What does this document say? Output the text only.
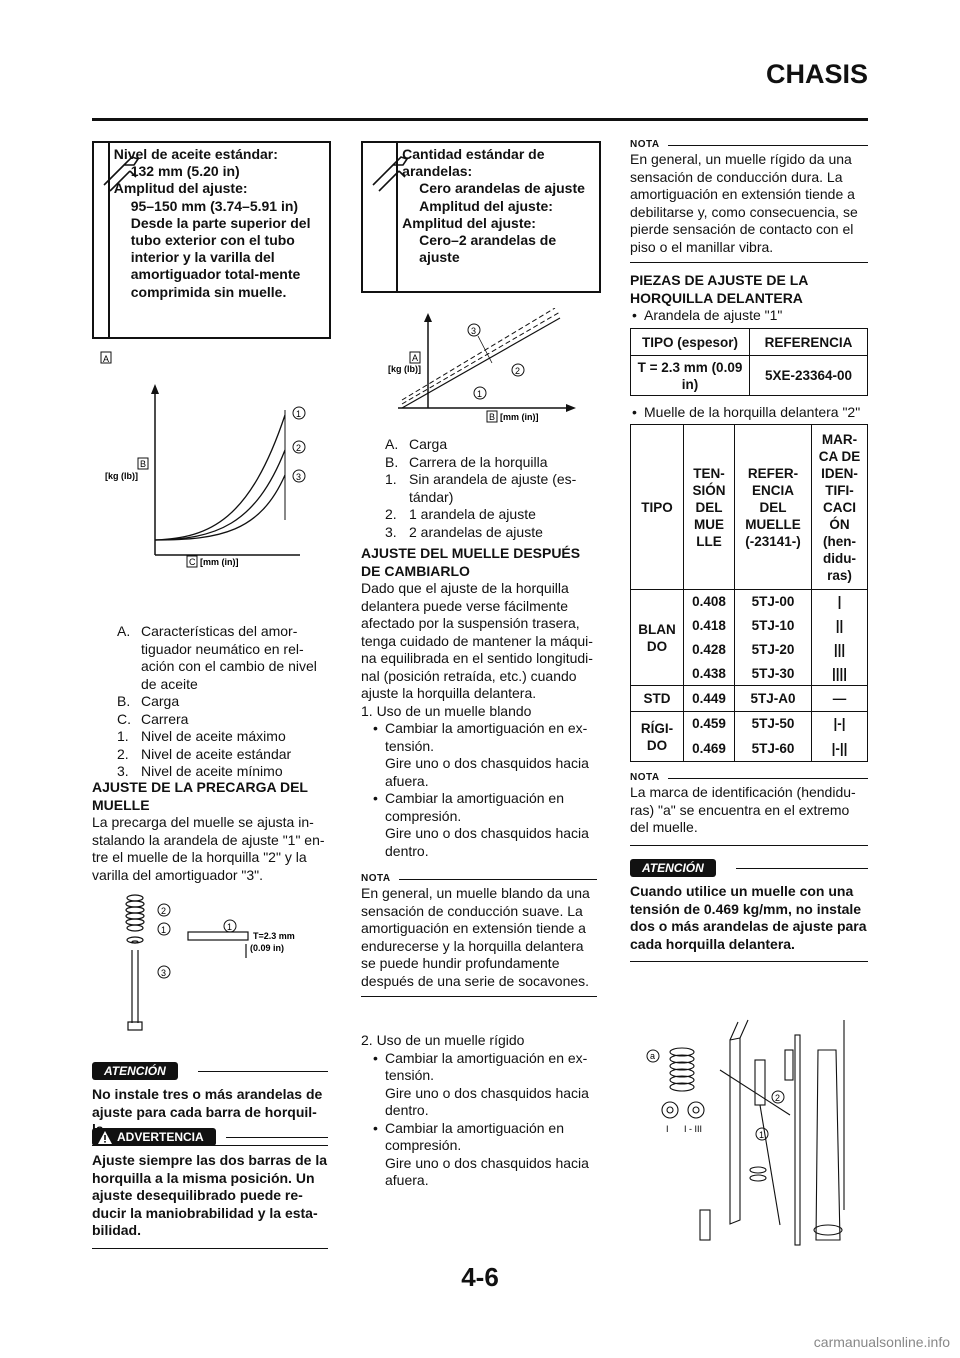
CHASIS
Nivel de aceite estándar:
132 mm (5.20 in)
Amplitud del ajuste:
95–150 mm (3.74–5.91 in)
Desde la parte superior del tubo exterior con el tubo interior y la varilla del amortiguador total-mente comprimida sin muelle.
A
B
[kg (lb)]
C [mm (in)]
1
2
3
A. Características del amor-tiguador neumático en rel-ación con el cambio de nivel de aceite
B. Carga
C. Carrera
1. Nivel de aceite máximo
2. Nivel de aceite estándar
3. Nivel de aceite mínimo
AJUSTE DE LA PRECARGA DEL MUELLE
La precarga del muelle se ajusta in-stalando la arandela de ajuste "1" en-tre el muelle de la horquilla "2" y la varilla del amortiguador "3".
2
1
3
1
T=2.3 mm
(0.09 in)
ATENCIÓN
No instale tres o más arandelas de ajuste para cada barra de horquil-
ADVERTENCIA
Ajuste siempre las dos barras de la horquilla a la misma posición. Un ajuste desequilibrado puede re-ducir la maniobrabilidad y la esta-bilidad.
Cantidad estándar de arandelas:
Cero arandelas de ajuste Amplitud del ajuste:
Amplitud del ajuste:
Cero–2 arandelas de ajuste
A
[kg (lb)]
B [mm (in)]
3
2
1
A. Carga
B. Carrera de la horquilla
1. Sin arandela de ajuste (es-tándar)
2. 1 arandela de ajuste
3. 2 arandelas de ajuste
AJUSTE DEL MUELLE DESPUÉS DE CAMBIARLO
Dado que el ajuste de la horquilla delantera puede verse fácilmente afectado por la suspensión trasera, tenga cuidado de mantener la máqui-na equilibrada en el sentido longitudi-nal (posición retraída, etc.) cuando ajuste la horquilla delantera.
1. Uso de un muelle blando
• Cambiar la amortiguación en ex-tensión.
Gire uno o dos chasquidos hacia afuera.
• Cambiar la amortiguación en compresión.
Gire uno o dos chasquidos hacia dentro.
NOTA
En general, un muelle blando da una sensación de conducción suave. La amortiguación en extensión tiende a endurecerse y la horquilla delantera se puede hundir profundamente después de una serie de socavones.
2. Uso de un muelle rígido
• Cambiar la amortiguación en ex-tensión.
Gire uno o dos chasquidos hacia dentro.
• Cambiar la amortiguación en compresión.
Gire uno o dos chasquidos hacia afuera.
NOTA
En general, un muelle rígido da una sensación de conducción dura. La amortiguación en extensión tiende a debilitarse y, como consecuencia, se pierde sensación de contacto con el piso o el manillar vibra.
PIEZAS DE AJUSTE DE LA HORQUILLA DELANTERA
• Arandela de ajuste "1"
TIPO (espesor)	REFERENCIA
T = 2.3 mm (0.09 in)	5XE-23364-00
• Muelle de la horquilla delantera "2"
TIPO	TEN-SIÓN DEL MUE LLE	REFER-ENCIA DEL MUELLE (-23141-)	MAR-CA DE IDEN-TIFI-CACI ÓN (hen-didu-ras)
BLAN DO	0.408	5TJ-00	|
	0.418	5TJ-10	||
	0.428	5TJ-20	|||
	0.438	5TJ-30	||||
STD	0.449	5TJ-A0	—
RÍGI-DO	0.459	5TJ-50	|-|
	0.469	5TJ-60	|-||
NOTA
La marca de identificación (hendidu-ras) "a" se encuentra en el extremo del muelle.
ATENCIÓN
Cuando utilice un muelle con una tensión de 0.469 kg/mm, no instale dos o más arandelas de ajuste para cada horquilla delantera.
a
2
1
I I - III
4-6
carmanualsonline.info
